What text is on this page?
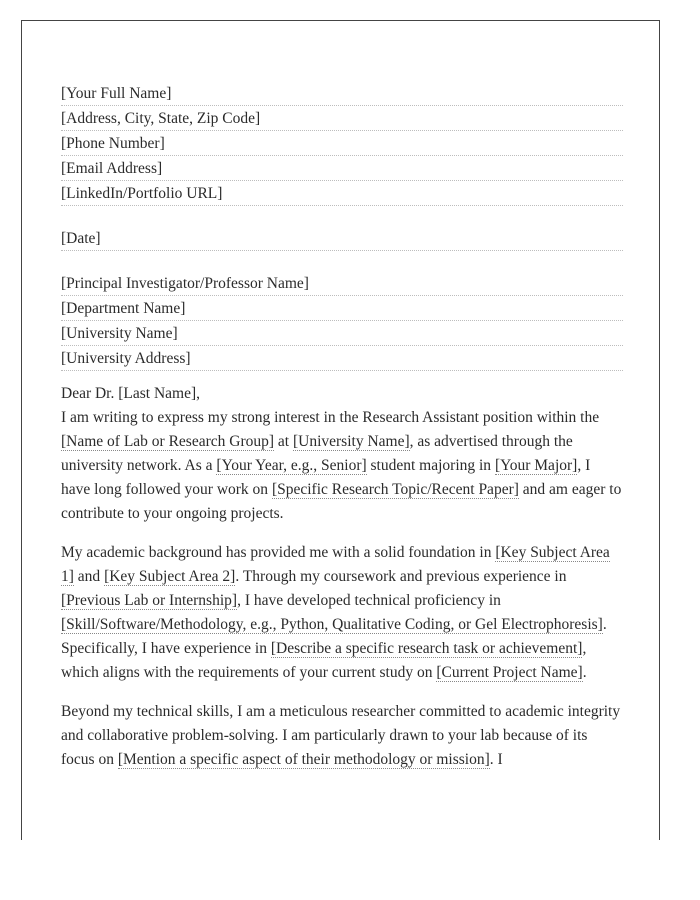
[Your Full Name]
[Address, City, State, Zip Code]
[Phone Number]
[Email Address]
[LinkedIn/Portfolio URL]
[Date]
[Principal Investigator/Professor Name]
[Department Name]
[University Name]
[University Address]
Dear Dr. [Last Name],

I am writing to express my strong interest in the Research Assistant position within the [Name of Lab or Research Group] at [University Name], as advertised through the university network. As a [Your Year, e.g., Senior] student majoring in [Your Major], I have long followed your work on [Specific Research Topic/Recent Paper] and am eager to contribute to your ongoing projects.

My academic background has provided me with a solid foundation in [Key Subject Area 1] and [Key Subject Area 2]. Through my coursework and previous experience in [Previous Lab or Internship], I have developed technical proficiency in [Skill/Software/Methodology, e.g., Python, Qualitative Coding, or Gel Electrophoresis]. Specifically, I have experience in [Describe a specific research task or achievement], which aligns with the requirements of your current study on [Current Project Name].

Beyond my technical skills, I am a meticulous researcher committed to academic integrity and collaborative problem-solving. I am particularly drawn to your lab because of its focus on [Mention a specific aspect of their methodology or mission]. I
